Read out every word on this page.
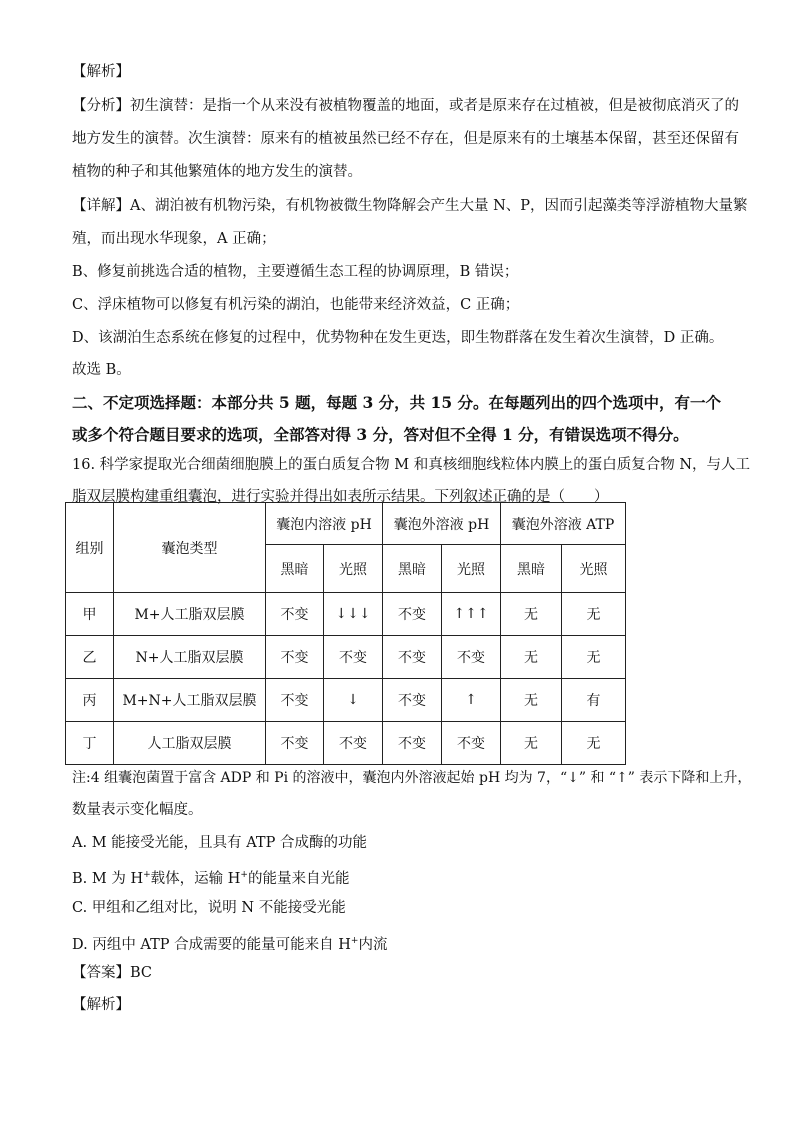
【解析】
【分析】初生演替：是指一个从来没有被植物覆盖的地面，或者是原来存在过植被，但是被彻底消灭了的
地方发生的演替。次生演替：原来有的植被虽然已经不存在，但是原来有的土壤基本保留，甚至还保留有
植物的种子和其他繁殖体的地方发生的演替。
【详解】A、湖泊被有机物污染，有机物被微生物降解会产生大量 N、P，因而引起藻类等浮游植物大量繁
殖，而出现水华现象，A 正确；
B、修复前挑选合适的植物，主要遵循生态工程的协调原理，B 错误；
C、浮床植物可以修复有机污染的湖泊，也能带来经济效益，C 正确；
D、该湖泊生态系统在修复的过程中，优势物种在发生更迭，即生物群落在发生着次生演替，D 正确。
故选 B。
二、不定项选择题：本部分共 5 题，每题 3 分，共 15 分。在每题列出的四个选项中，有一个
或多个符合题目要求的选项，全部答对得 3 分，答对但不全得 1 分，有错误选项不得分。
16. 科学家提取光合细菌细胞膜上的蛋白质复合物 M 和真核细胞线粒体内膜上的蛋白质复合物 N，与人工
脂双层膜构建重组囊泡，进行实验并得出如表所示结果。下列叙述正确的是（　　）
组别	囊泡类型	囊泡内溶液 pH		囊泡外溶液 pH		囊泡外溶液 ATP	
		黑暗	光照	黑暗	光照	黑暗	光照
甲	M+人工脂双层膜	不变	↓↓↓	不变	↑↑↑	无	无
乙	N+人工脂双层膜	不变	不变	不变	不变	无	无
丙	M+N+人工脂双层膜	不变	↓	不变	↑	无	有
丁	人工脂双层膜	不变	不变	不变	不变	无	无
注:4 组囊泡菌置于富含 ADP 和 Pi 的溶液中，囊泡内外溶液起始 pH 均为 7，“↓” 和 “↑” 表示下降和上升，
数量表示变化幅度。
A. M 能接受光能，且具有 ATP 合成酶的功能
B. M 为 H+载体，运输 H+的能量来自光能
C. 甲组和乙组对比，说明 N 不能接受光能
D. 丙组中 ATP 合成需要的能量可能来自 H+内流
【答案】BC
【解析】
